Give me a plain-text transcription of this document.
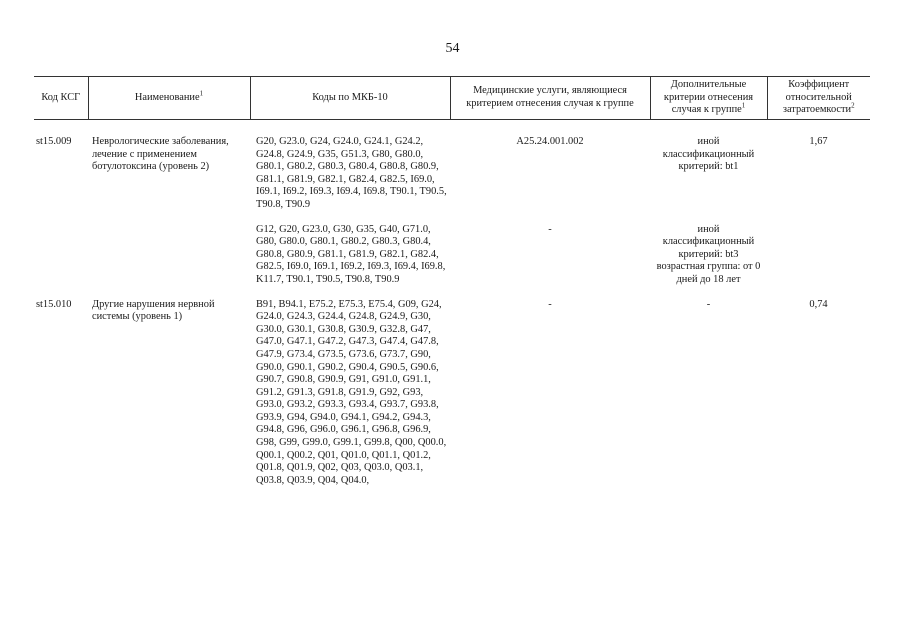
54
Код КСГ	Наименование$^1$	Коды по МКБ-10	Медицинские услуги, являющиеся критерием отнесения случая к группе	Дополнительные критерии отнесения случая к группе$^1$	Коэффициент относительной затратоемкости$^2$

st15.009	Неврологические заболевания, лечение с применением ботулотоксина (уровень 2)	G20, G23.0, G24, G24.0, G24.1, G24.2, G24.8, G24.9, G35, G51.3, G80, G80.0, G80.1, G80.2, G80.3, G80.4, G80.8, G80.9, G81.1, G81.9, G82.1, G82.4, G82.5, I69.0, I69.1, I69.2, I69.3, I69.4, I69.8, T90.1, T90.5, T90.8, T90.9	A25.24.001.002	иной классификационный критерий: bt1	1,67

		G12, G20, G23.0, G30, G35, G40, G71.0, G80, G80.0, G80.1, G80.2, G80.3, G80.4, G80.8, G80.9, G81.1, G81.9, G82.1, G82.4, G82.5, I69.0, I69.1, I69.2, I69.3, I69.4, I69.8, K11.7, T90.1, T90.5, T90.8, T90.9	-	иной классификационный критерий: bt3
возрастная группа: от 0 дней до 18 лет	

st15.010	Другие нарушения нервной системы (уровень 1)	B91, B94.1, E75.2, E75.3, E75.4, G09, G24, G24.0, G24.3, G24.4, G24.8, G24.9, G30, G30.0, G30.1, G30.8, G30.9, G32.8, G47, G47.0, G47.1, G47.2, G47.3, G47.4, G47.8, G47.9, G73.4, G73.5, G73.6, G73.7, G90, G90.0, G90.1, G90.2, G90.4, G90.5, G90.6, G90.7, G90.8, G90.9, G91, G91.0, G91.1, G91.2, G91.3, G91.8, G91.9, G92, G93, G93.0, G93.2, G93.3, G93.4, G93.7, G93.8, G93.9, G94, G94.0, G94.1, G94.2, G94.3, G94.8, G96, G96.0, G96.1, G96.8, G96.9, G98, G99, G99.0, G99.1, G99.8, Q00, Q00.0, Q00.1, Q00.2, Q01, Q01.0, Q01.1, Q01.2, Q01.8, Q01.9, Q02, Q03, Q03.0, Q03.1, Q03.8, Q03.9, Q04, Q04.0,	-	-	0,74
